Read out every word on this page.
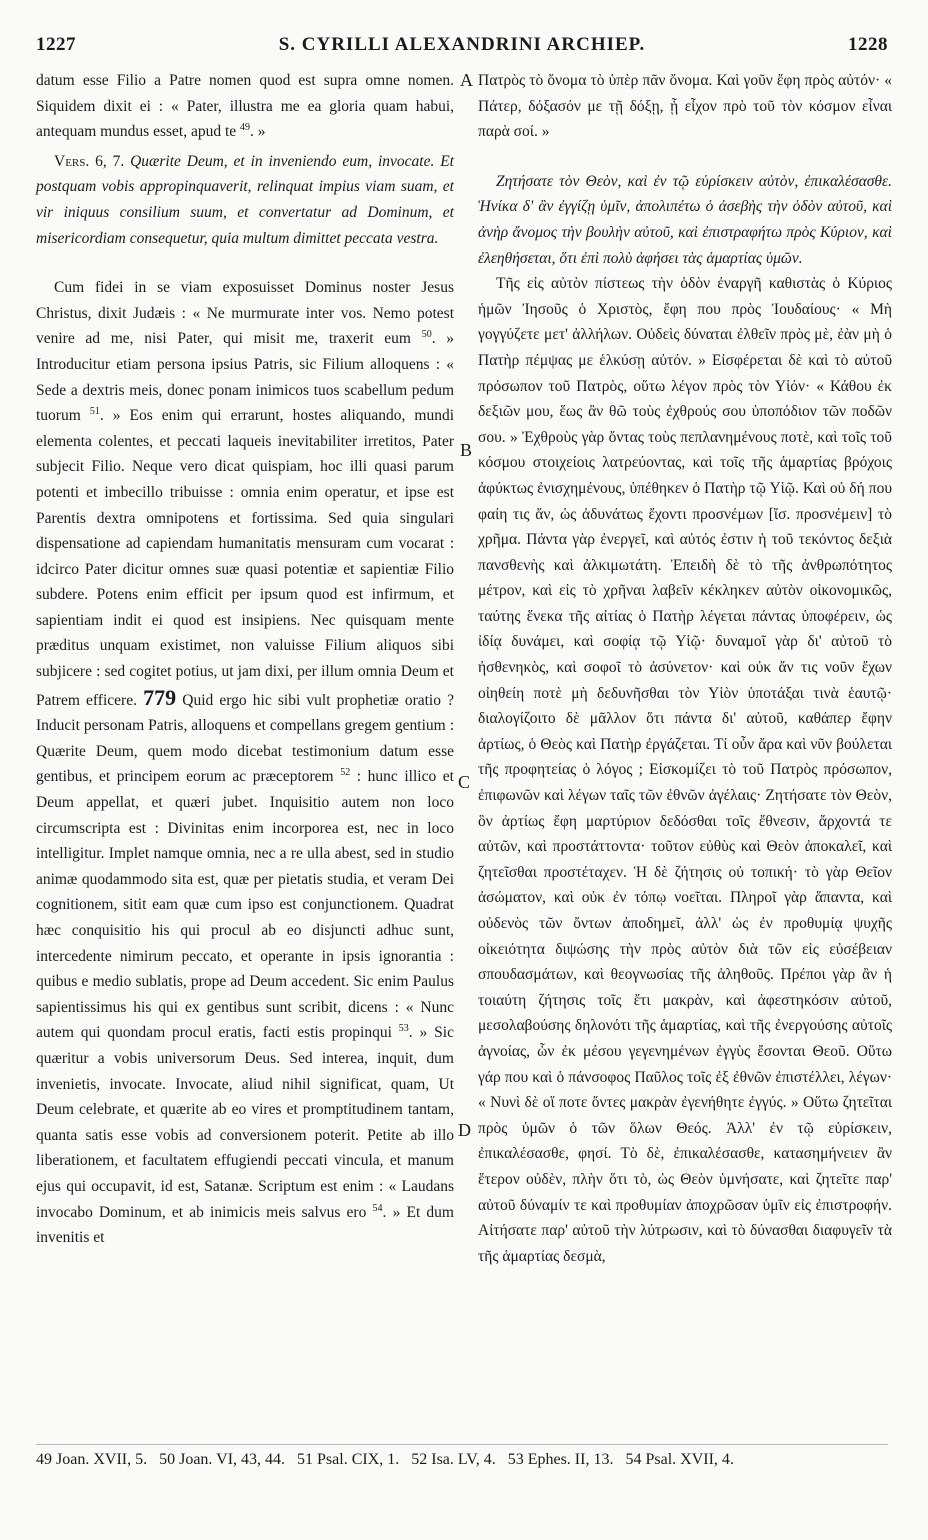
1227	S. CYRILLI ALEXANDRINI ARCHIEP.	1228

datum esse Filio a Patre nomen quod est supra omne nomen. Siquidem dixit ei : « Pater, illustra me ea gloria quam habui, antequam mundus esset, apud te $^{49}$. »

Vers. 6, 7. Quærite Deum, et in inveniendo eum, invocate. Et postquam vobis appropinquaverit, relinquat impius viam suam, et vir iniquus consilium suum, et convertatur ad Dominum, et misericordiam consequetur, quia multum dimittet peccata vestra.

Cum fidei in se viam exposuisset Dominus noster Jesus Christus, dixit Judæis : « Ne murmurate inter vos. Nemo potest venire ad me, nisi Pater, qui misit me, traxerit eum $^{50}$. » Introducitur etiam persona ipsius Patris, sic Filium alloquens : « Sede a dextris meis, donec ponam inimicos tuos scabellum pedum tuorum $^{51}$. » Eos enim qui errarunt, hostes aliquando, mundi elementa colentes, et peccati laqueis inevitabiliter irretitos, Pater subjecit Filio. Neque vero dicat quispiam, hoc illi quasi parum potenti et imbecillo tribuisse : omnia enim operatur, et ipse est Parentis dextra omnipotens et fortissima. Sed quia singulari dispensatione ad capiendam humanitatis mensuram cum vocarat : idcirco Pater dicitur omnes suæ quasi potentiæ et sapientiæ Filio subdere. Potens enim efficit per ipsum quod est infirmum, et sapientiam indit ei quod est insipiens. Nec quisquam mente præditus unquam existimet, non valuisse Filium aliquos sibi subjicere : sed cogitet potius, ut jam dixi, per illum omnia Deum et Patrem efficere. 779 Quid ergo hic sibi vult prophetiæ oratio ? Inducit personam Patris, alloquens et compellans gregem gentium : Quærite Deum, quem modo dicebat testimonium datum esse gentibus, et principem eorum ac præceptorem $^{52}$ : hunc illico et Deum appellat, et quæri jubet. Inquisitio autem non loco circumscripta est : Divinitas enim incorporea est, nec in loco intelligitur. Implet namque omnia, nec a re ulla abest, sed in studio animæ quodammodo sita est, quæ per pietatis studia, et veram Dei cognitionem, sitit eam quæ cum ipso est conjunctionem. Quadrat hæc conquisitio his qui procul ab eo disjuncti adhuc sunt, intercedente nimirum peccato, et operante in ipsis ignorantia : quibus e medio sublatis, prope ad Deum accedent. Sic enim Paulus sapientissimus his qui ex gentibus sunt scribit, dicens : « Nunc autem qui quondam procul eratis, facti estis propinqui $^{53}$. » Sic quæritur a vobis universorum Deus. Sed interea, inquit, dum invenietis, invocate. Invocate, aliud nihil significat, quam, Ut Deum celebrate, et quærite ab eo vires et promptitudinem tantam, quanta satis esse vobis ad conversionem poterit. Petite ab illo liberationem, et facultatem effugiendi peccati vincula, et manum ejus qui occupavit, id est, Satanæ. Scriptum est enim : « Laudans invocabo Dominum, et ab inimicis meis salvus ero $^{54}$. » Et dum invenitis et

A
B
C
D

Πατρὸς τὸ ὄνομα τὸ ὑπὲρ πᾶν ὄνομα. Καὶ γοῦν ἔφη πρὸς αὐτόν· « Πάτερ, δόξασόν με τῇ δόξῃ, ᾗ εἶχον πρὸ τοῦ τὸν κόσμον εἶναι παρὰ σοί. »

Ζητήσατε τὸν Θεὸν, καὶ ἐν τῷ εὑρίσκειν αὐτὸν, ἐπικαλέσασθε. Ἡνίκα δ' ἂν ἐγγίζῃ ὑμῖν, ἀπολιπέτω ὁ ἀσεβὴς τὴν ὁδὸν αὐτοῦ, καὶ ἀνὴρ ἄνομος τὴν βουλὴν αὐτοῦ, καὶ ἐπιστραφήτω πρὸς Κύριον, καὶ ἐλεηθήσεται, ὅτι ἐπὶ πολὺ ἀφήσει τὰς ἁμαρτίας ὑμῶν.

Τῆς εἰς αὐτὸν πίστεως τὴν ὁδὸν ἐναργῆ καθιστὰς ὁ Κύριος ἡμῶν Ἰησοῦς ὁ Χριστὸς, ἔφη που πρὸς Ἰουδαίους· « Μὴ γογγύζετε μετ' ἀλλήλων. Οὐδεὶς δύναται ἐλθεῖν πρὸς μὲ, ἐὰν μὴ ὁ Πατὴρ πέμψας με ἑλκύσῃ αὐτόν. » Εἰσφέρεται δὲ καὶ τὸ αὐτοῦ πρόσωπον τοῦ Πατρὸς, οὕτω λέγον πρὸς τὸν Υἱόν· « Κάθου ἐκ δεξιῶν μου, ἕως ἂν θῶ τοὺς ἐχθρούς σου ὑποπόδιον τῶν ποδῶν σου. » Ἐχθροὺς γὰρ ὄντας τοὺς πεπλανημένους ποτὲ, καὶ τοῖς τοῦ κόσμου στοιχείοις λατρεύοντας, καὶ τοῖς τῆς ἁμαρτίας βρόχοις ἀφύκτως ἐνισχημένους, ὑπέθηκεν ὁ Πατὴρ τῷ Υἱῷ. Καὶ οὐ δή που φαίη τις ἄν, ὡς ἀδυνάτως ἔχοντι προσνέμων [ἴσ. προσνέμειν] τὸ χρῆμα. Πάντα γὰρ ἐνεργεῖ, καὶ αὐτός ἐστιν ἡ τοῦ τεκόντος δεξιὰ πανσθενὴς καὶ ἀλκιμωτάτη. Ἐπειδὴ δὲ τὸ τῆς ἀνθρωπότητος μέτρον, καὶ εἰς τὸ χρῆναι λαβεῖν κέκληκεν αὐτὸν οἰκονομικῶς, ταύτης ἕνεκα τῆς αἰτίας ὁ Πατὴρ λέγεται πάντας ὑποφέρειν, ὡς ἰδίᾳ δυνάμει, καὶ σοφίᾳ τῷ Υἱῷ· δυναμοῖ γὰρ δι' αὐτοῦ τὸ ἠσθενηκὸς, καὶ σοφοῖ τὸ ἀσύνετον· καὶ οὐκ ἄν τις νοῦν ἔχων οἰηθείη ποτὲ μὴ δεδυνῆσθαι τὸν Υἱὸν ὑποτάξαι τινὰ ἑαυτῷ· διαλογίζοιτο δὲ μᾶλλον ὅτι πάντα δι' αὐτοῦ, καθάπερ ἔφην ἀρτίως, ὁ Θεὸς καὶ Πατὴρ ἐργάζεται. Τί οὖν ἄρα καὶ νῦν βούλεται τῆς προφητείας ὁ λόγος ; Εἰσκομίζει τὸ τοῦ Πατρὸς πρόσωπον, ἐπιφωνῶν καὶ λέγων ταῖς τῶν ἐθνῶν ἀγέλαις· Ζητήσατε τὸν Θεὸν, ὃν ἀρτίως ἔφη μαρτύριον δεδόσθαι τοῖς ἔθνεσιν, ἄρχοντά τε αὐτῶν, καὶ προστάττοντα· τοῦτον εὐθὺς καὶ Θεὸν ἀποκαλεῖ, καὶ ζητεῖσθαι προστέταχεν. Ἡ δὲ ζήτησις οὐ τοπική· τὸ γὰρ Θεῖον ἀσώματον, καὶ οὐκ ἐν τόπῳ νοεῖται. Πληροῖ γὰρ ἅπαντα, καὶ οὐδενὸς τῶν ὄντων ἀποδημεῖ, ἀλλ' ὡς ἐν προθυμίᾳ ψυχῆς οἰκειότητα διψώσης τὴν πρὸς αὐτὸν διὰ τῶν εἰς εὐσέβειαν σπουδασμάτων, καὶ θεογνωσίας τῆς ἀληθοῦς. Πρέποι γὰρ ἂν ἡ τοιαύτη ζήτησις τοῖς ἔτι μακρὰν, καὶ ἀφεστηκόσιν αὐτοῦ, μεσολαβούσης δηλονότι τῆς ἁμαρτίας, καὶ τῆς ἐνεργούσης αὐτοῖς ἀγνοίας, ὧν ἐκ μέσου γεγενημένων ἐγγὺς ἔσονται Θεοῦ. Οὕτω γάρ που καὶ ὁ πάνσοφος Παῦλος τοῖς ἐξ ἐθνῶν ἐπιστέλλει, λέγων· « Νυνὶ δὲ οἵ ποτε ὄντες μακρὰν ἐγενήθητε ἐγγύς. » Οὕτω ζητεῖται πρὸς ὑμῶν ὁ τῶν ὅλων Θεός. Ἀλλ' ἐν τῷ εὑρίσκειν, ἐπικαλέσασθε, φησί. Τὸ δὲ, ἐπικαλέσασθε, κατασημήνειεν ἂν ἕτερον οὐδὲν, πλὴν ὅτι τὸ, ὡς Θεὸν ὑμνήσατε, καὶ ζητεῖτε παρ' αὐτοῦ δύναμίν τε καὶ προθυμίαν ἀποχρῶσαν ὑμῖν εἰς ἐπιστροφήν. Αἰτήσατε παρ' αὐτοῦ τὴν λύτρωσιν, καὶ τὸ δύνασθαι διαφυγεῖν τὰ τῆς ἁμαρτίας δεσμὰ,

49 Joan. XVII, 5. 50 Joan. VI, 43, 44. 51 Psal. CIX, 1. 52 Isa. LV, 4. 53 Ephes. II, 13. 54 Psal. XVII, 4.
